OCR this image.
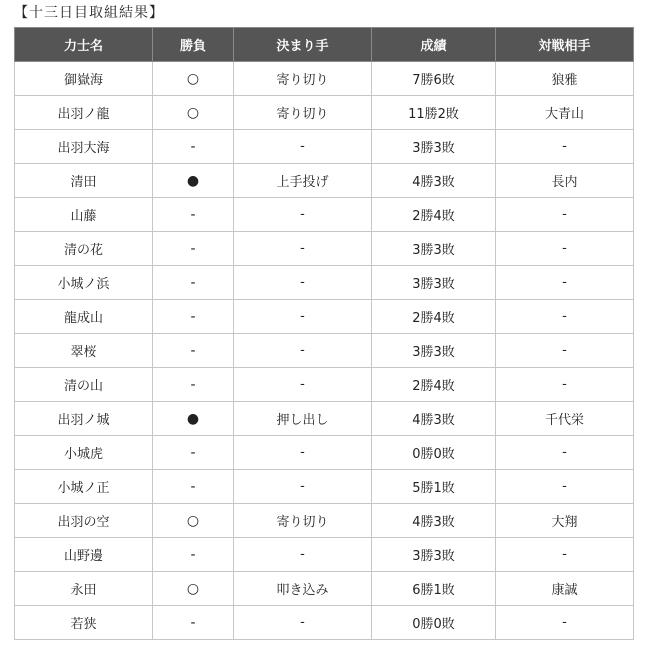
【十三日目取組結果】
力士名	勝負	決まり手	成績	対戦相手
御嶽海	○	寄り切り	7勝6敗	狼雅
出羽ノ龍	○	寄り切り	11勝2敗	大青山
出羽大海	-	-	3勝3敗	-
清田	●	上手投げ	4勝3敗	長内
山藤	-	-	2勝4敗	-
清の花	-	-	3勝3敗	-
小城ノ浜	-	-	3勝3敗	-
龍成山	-	-	2勝4敗	-
翠桜	-	-	3勝3敗	-
清の山	-	-	2勝4敗	-
出羽ノ城	●	押し出し	4勝3敗	千代栄
小城虎	-	-	0勝0敗	-
小城ノ正	-	-	5勝1敗	-
出羽の空	○	寄り切り	4勝3敗	大翔
山野邊	-	-	3勝3敗	-
永田	○	叩き込み	6勝1敗	康誠
若狭	-	-	0勝0敗	-
